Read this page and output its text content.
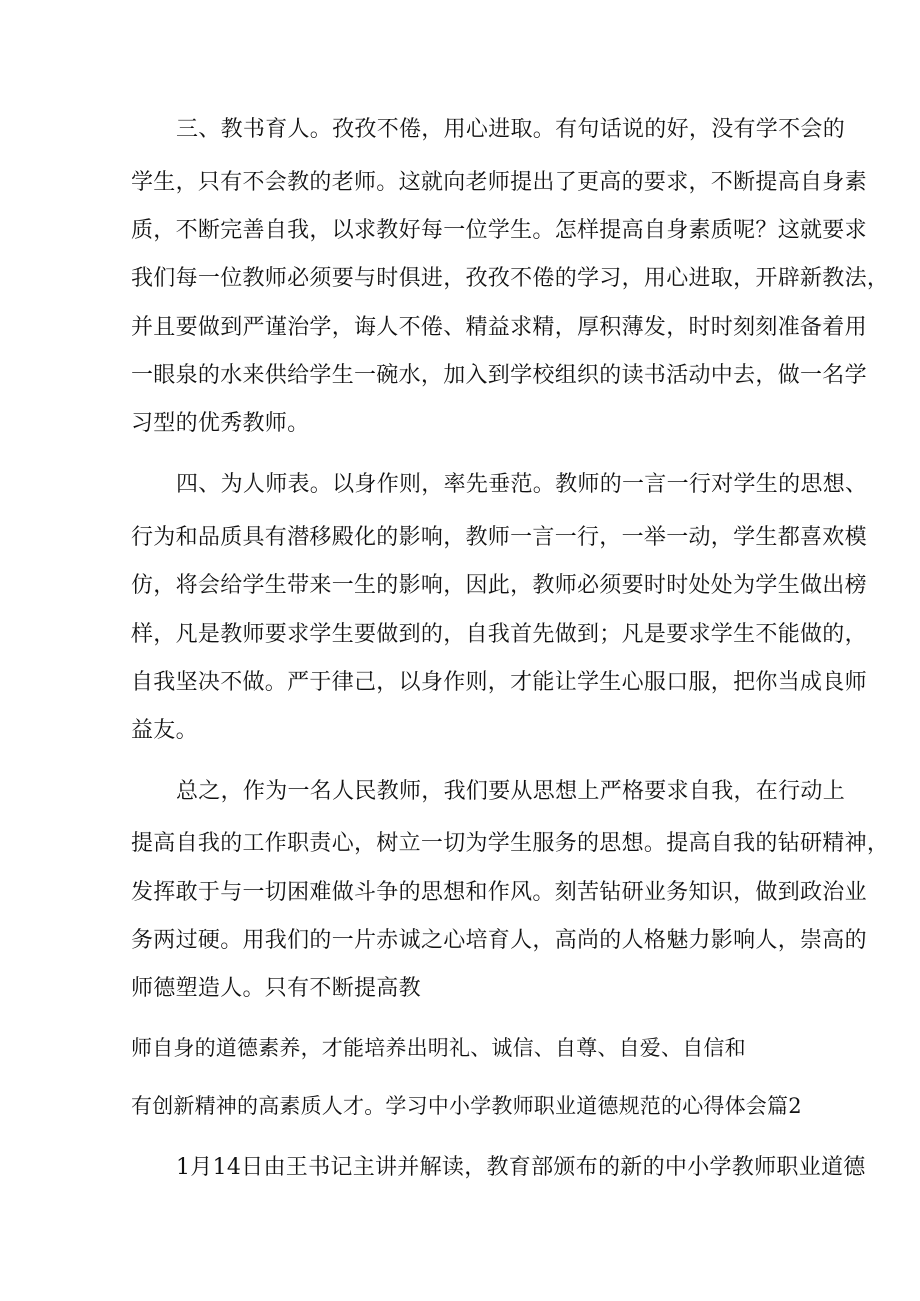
三、教书育人。孜孜不倦，用心进取。有句话说的好，没有学不会的
学生，只有不会教的老师。这就向老师提出了更高的要求，不断提高自身素
质，不断完善自我，以求教好每一位学生。怎样提高自身素质呢？这就要求
我们每一位教师必须要与时俱进，孜孜不倦的学习，用心进取，开辟新教法，
并且要做到严谨治学，诲人不倦、精益求精，厚积薄发，时时刻刻准备着用
一眼泉的水来供给学生一碗水，加入到学校组织的读书活动中去，做一名学
习型的优秀教师。
四、为人师表。以身作则，率先垂范。教师的一言一行对学生的思想、
行为和品质具有潜移殿化的影响，教师一言一行，一举一动，学生都喜欢模
仿，将会给学生带来一生的影响，因此，教师必须要时时处处为学生做出榜
样，凡是教师要求学生要做到的，自我首先做到；凡是要求学生不能做的，
自我坚决不做。严于律己，以身作则，才能让学生心服口服，把你当成良师
益友。
总之，作为一名人民教师，我们要从思想上严格要求自我，在行动上
提高自我的工作职责心，树立一切为学生服务的思想。提高自我的钻研精神，
发挥敢于与一切困难做斗争的思想和作风。刻苦钻研业务知识，做到政治业
务两过硬。用我们的一片赤诚之心培育人，高尚的人格魅力影响人，崇高的
师德塑造人。只有不断提高教
师自身的道德素养，才能培养出明礼、诚信、自尊、自爱、自信和
有创新精神的高素质人才。学习中小学教师职业道德规范的心得体会篇2
1月14日由王书记主讲并解读，教育部颁布的新的中小学教师职业道德
